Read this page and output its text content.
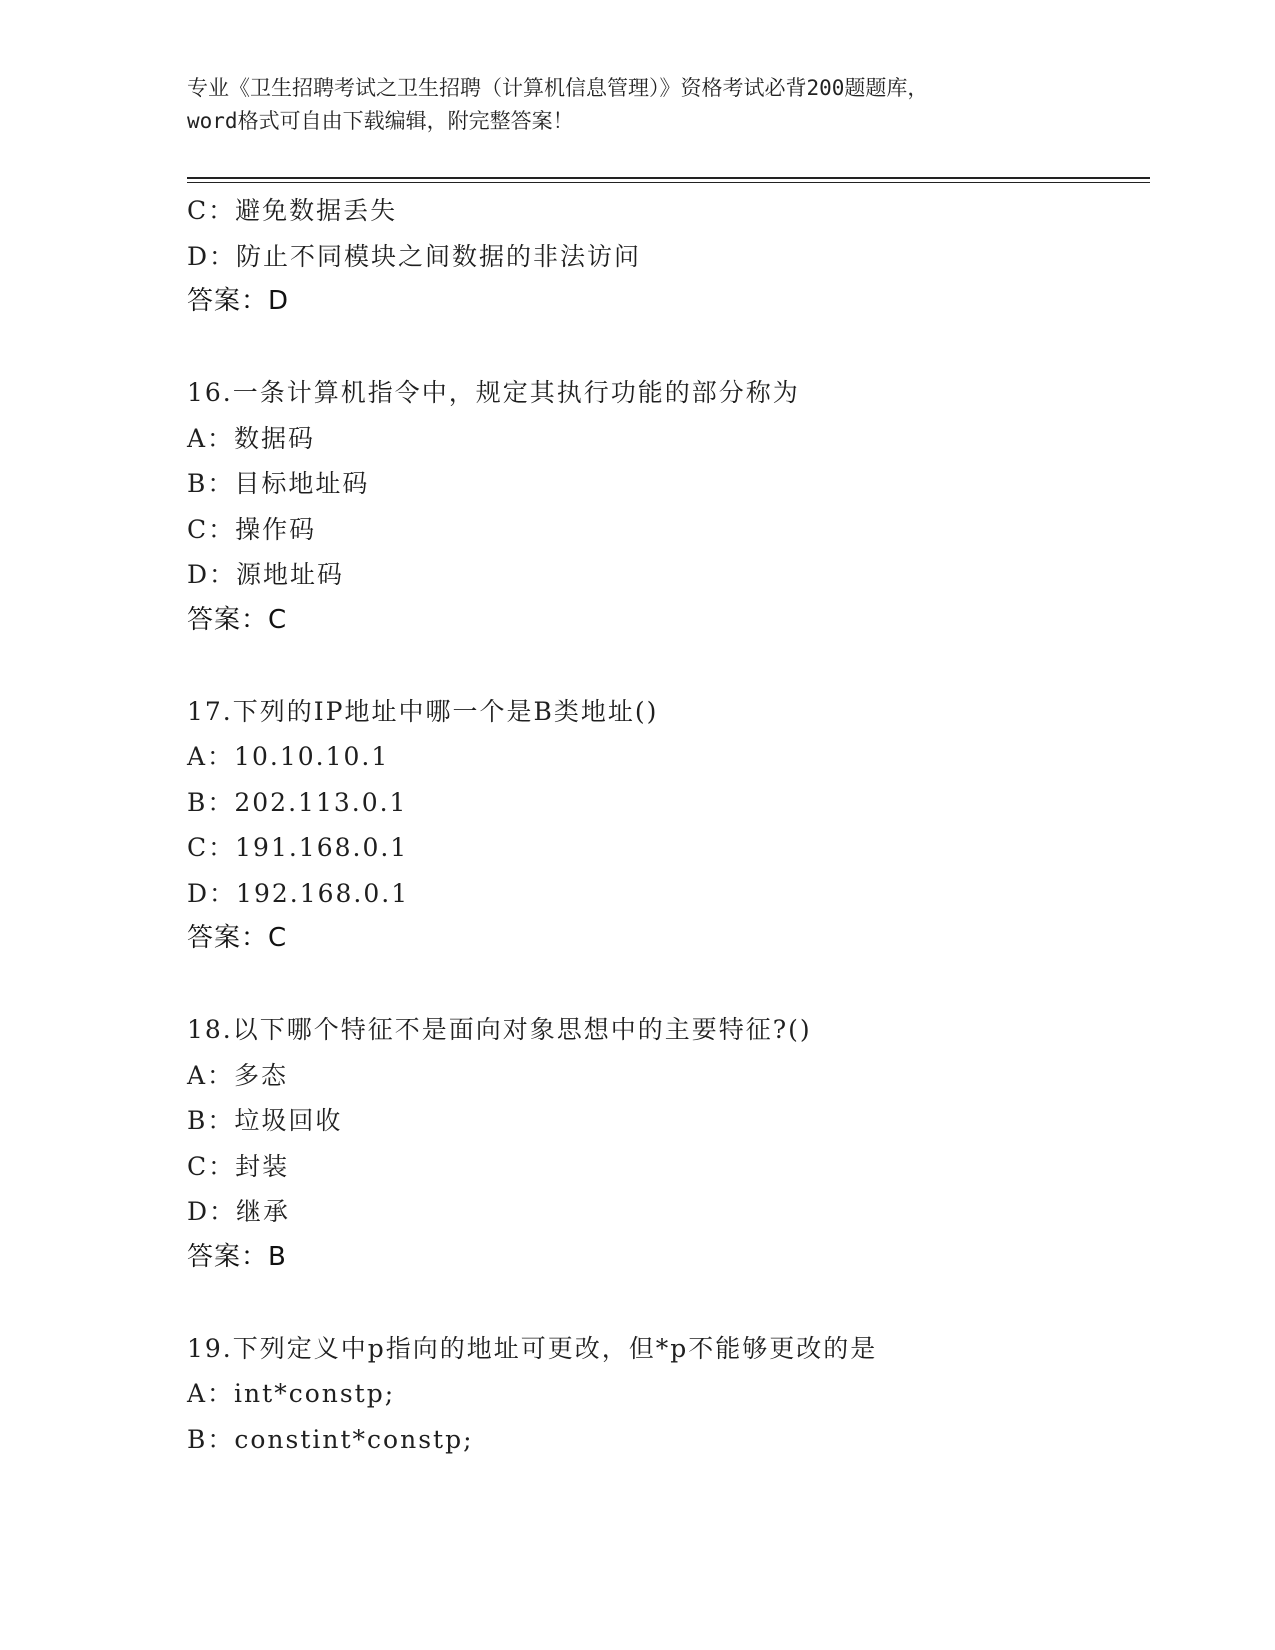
专业《卫生招聘考试之卫生招聘（计算机信息管理）》资格考试必背200题题库，
word格式可自由下载编辑，附完整答案！
C：避免数据丢失
D：防止不同模块之间数据的非法访问
答案：D
16.一条计算机指令中，规定其执行功能的部分称为
A：数据码
B：目标地址码
C：操作码
D：源地址码
答案：C
17.下列的IP地址中哪一个是B类地址()
A：10.10.10.1
B：202.113.0.1
C：191.168.0.1
D：192.168.0.1
答案：C
18.以下哪个特征不是面向对象思想中的主要特征?()
A：多态
B：垃圾回收
C：封装
D：继承
答案：B
19.下列定义中p指向的地址可更改，但*p不能够更改的是
A：int*constp;
B：constint*constp;
